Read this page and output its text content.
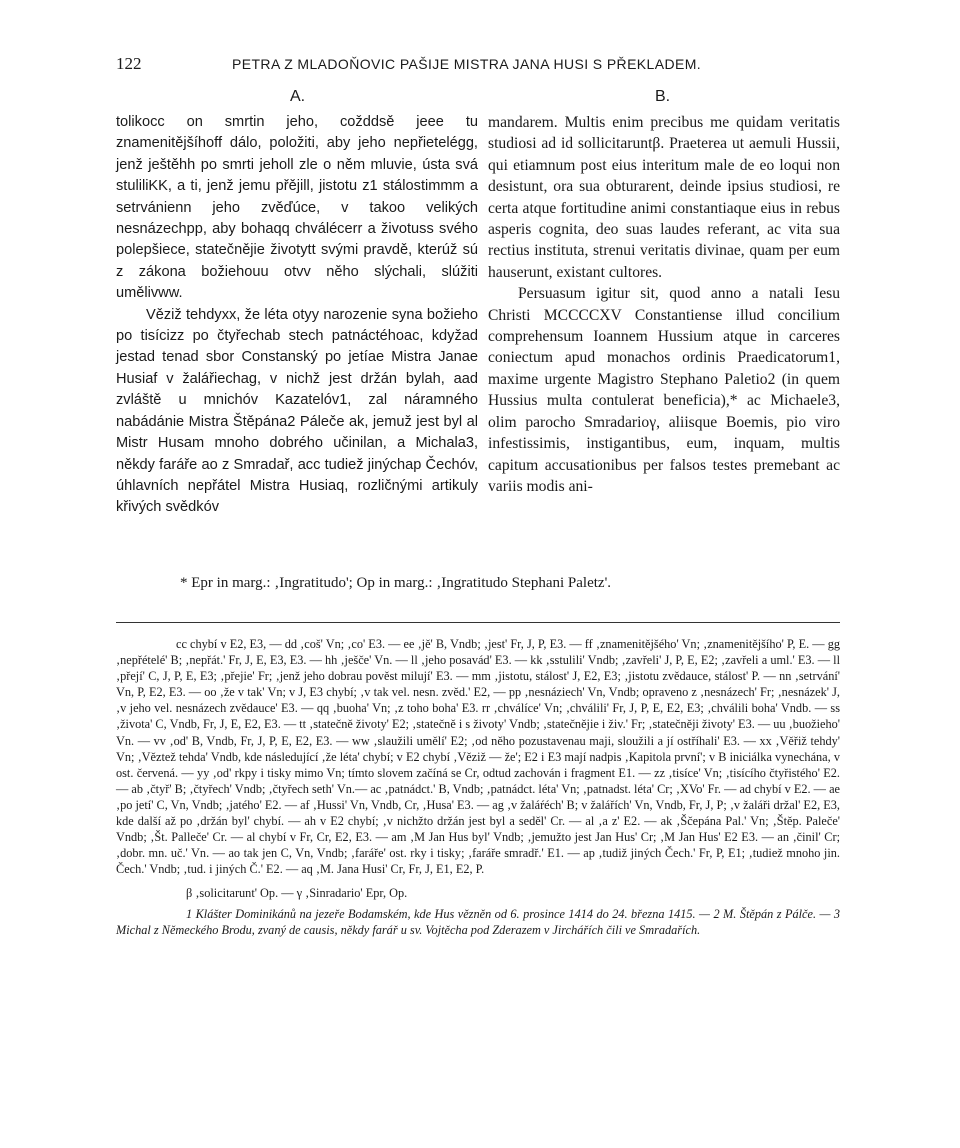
122	PETRA Z MLADOŇOVIC PAŠIJE MISTRA JANA HUSI S PŘEKLADEM.
A.	B.

tolikocc on smrtin jeho, cožddsě jeee tu znamenitějšíhoff dálo, položiti, aby jeho nepřietelégg, jenž ještěhh po smrti jeholl zle o něm mluvie, ústa svá stuliliKK, a ti, jenž jemu přějill, jistotu z1 stálostimmm a setrvánienn jeho zvěďúce, v takoo velikých nesnázechpp, aby bohaqq chválécerr a životuss svého polepšiece, statečnějie životytt svými pravdě, kterúž sú z zákona božiehouu otvv něho slýchali, slúžiti umělivww.

Věziž tehdyxx, že léta otyy narozenie syna božieho po tisícizz po čtyřechab stech patnáctéhoac, kdyžad jestad tenad sbor Constanský po jetíae Mistra Janae Husiaf v žalářiechag, v nichž jest držán bylah, aad zvláště u mnichóv Kazatelóv1, zal náramného nabádánie Mistra Štěpána2 Páleče ak, jemuž jest byl al Mistr Husam mnoho dobrého učinilan, a Michala3, někdy faráře ao z Smradař, acc tudiež jinýchap Čechóv, úhlavních nepřátel Mistra Husiaq, rozličnými artikuly křivých svědkóv

mandarem. Multis enim precibus me quidam veritatis studiosi ad id sollicitaruntβ. Praeterea ut aemuli Hussii, qui etiamnum post eius interitum male de eo loqui non desistunt, ora sua obturarent, deinde ipsius studiosi, re certa atque fortitudine animi constantiaque eius in rebus asperis cognita, deo suas laudes referant, ac vita sua rectius instituta, strenui veritatis divinae, quam per eum hauserunt, existant cultores.

Persuasum igitur sit, quod anno a natali Iesu Christi MCCCCXV Constantiense illud concilium comprehensum Ioannem Hussium atque in carceres coniectum apud monachos ordinis Praedicatorum1, maxime urgente Magistro Stephano Paletio2 (in quem Hussius multa contulerat beneficia),* ac Michaele3, olim parocho Smradarioγ, aliisque Boemis, pio viro infestissimis, instigantibus, eum, inquam, multis capitum accusationibus per falsos testes premebant ac variis modis ani-

* Epr in marg.: ‚Ingratitudo'; Op in marg.: ‚Ingratitudo Stephani Paletz'.

cc chybí v E2, E3, — dd ‚coš' Vn; ‚co' E3. — ee ‚jě' B, Vndb; ‚jest' Fr, J, P, E3. — ff ‚znamenitějšého' Vn; ‚znamenitějšího' P, E. — gg ‚nepřételé' B; ‚nepřát.' Fr, J, E, E3, E3. — hh ‚ješče' Vn. — ll ‚jeho posavád' E3. — kk ‚sstulili' Vndb; ‚zavřeli' J, P, E, E2; ‚zavřeli a uml.' E3. — ll ‚přejí' C, J, P, E, E3; ‚přejie' Fr; ‚jenž jeho dobrau pověst milují' E3. — mm ‚jistotu, stálost' J, E2, E3; ‚jistotu zvědauce, stálost' P. — nn ‚setrvání' Vn, P, E2, E3. — oo ‚že v tak' Vn; v J, E3 chybí; ‚v tak vel. nesn. zvěd.' E2, — pp ‚nesnáziech' Vn, Vndb; opraveno z ‚nesnázech' Fr; ‚nesnázek' J, ‚v jeho vel. nesnázech zvědauce' E3. — qq ‚buoha' Vn; ‚z toho boha' E3. rr ‚chválíce' Vn; ‚chválili' Fr, J, P, E, E2, E3; ‚chválili boha' Vndb. — ss ‚života' C, Vndb, Fr, J, E, E2, E3. — tt ‚statečně životy' E2; ‚statečně i s životy' Vndb; ‚statečnějie i živ.' Fr; ‚statečněji životy' E3. — uu ‚buožieho' Vn. — vv ‚od' B, Vndb, Fr, J, P, E, E2, E3. — ww ‚slaužili umělí' E2; ‚od něho pozustavenau maji, sloužili a jí ostříhali' E3. — xx ‚Věřiž tehdy' Vn; ‚Věztež tehda' Vndb, kde následující ‚že léta' chybí; v E2 chybí ‚Věziž — že'; E2 i E3 mají nadpis ‚Kapitola první'; v B iniciálka vynechána, v ost. červená. — yy ‚od' rkpy i tisky mimo Vn; tímto slovem začíná se Cr, odtud zachován i fragment E1. — zz ‚tisíce' Vn; ‚tisícího čtyřistého' E2. — ab ‚čtyř' B; ‚čtyřech' Vndb; ‚čtyřech seth' Vn.— ac ‚patnádct.' B, Vndb; ‚patnádct. léta' Vn; ‚patnadst. léta' Cr; ‚XVo' Fr. — ad chybí v E2. — ae ‚po jetí' C, Vn, Vndb; ‚jatého' E2. — af ‚Hussi' Vn, Vndb, Cr, ‚Husa' E3. — ag ‚v žaláŕéch' B; v žalářích' Vn, Vndb, Fr, J, P; ‚v žaláři držal' E2, E3, kde další až po ‚držán byl' chybí. — ah v E2 chybí; ‚v nichžto držán jest byl a seděl' Cr. — al ‚a z' E2. — ak ‚Ščepána Pal.' Vn; ‚Štěp. Paleče' Vndb; ‚Št. Palleče' Cr. — al chybí v Fr, Cr, E2, E3. — am ‚M Jan Hus byl' Vndb; ‚jemužto jest Jan Hus' Cr; ‚M Jan Hus' E2 E3. — an ‚činil' Cr; ‚dobr. mn. uč.' Vn. — ao tak jen C, Vn, Vndb; ‚faráře' ost. rky i tisky; ‚faráře smradř.' E1. — ap ‚tudiž jiných Čech.' Fr, P, E1; ‚tudiež mnoho jin. Čech.' Vndb; ‚tud. i jiných Č.' E2. — aq ‚M. Jana Husi' Cr, Fr, J, E1, E2, P.

β ‚solicitarunt' Op. — γ ‚Sinradario' Epr, Op.

1 Klášter Dominikánů na jezeře Bodamském, kde Hus vězněn od 6. prosince 1414 do 24. března 1415. — 2 M. Štěpán z Pálče. — 3 Michal z Německého Brodu, zvaný de causis, někdy farář u sv. Vojtěcha pod Zderazem v Jirchářích čili ve Smradařích.
